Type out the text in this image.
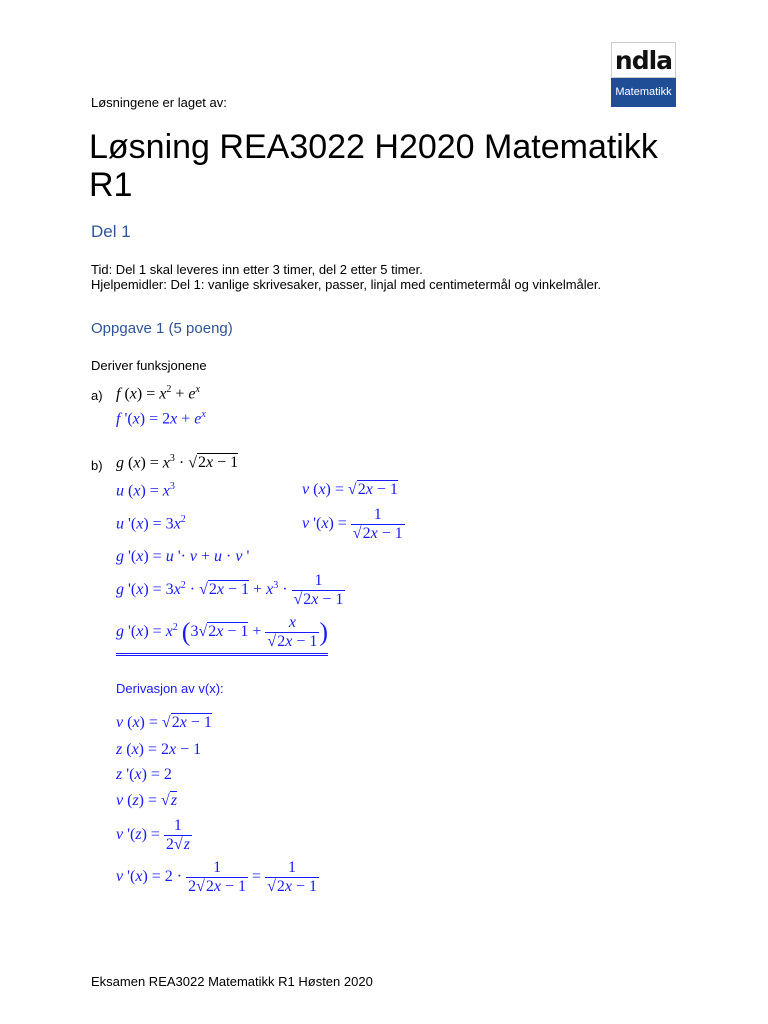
ndla
Matematikk
Løsningene er laget av:
Løsning REA3022 H2020 Matematikk R1
Del 1
Tid: Del 1 skal leveres inn etter 3 timer, del 2 etter 5 timer.
Hjelpemidler: Del 1: vanlige skrivesaker, passer, linjal med centimetermål og vinkelmåler.
Oppgave 1 (5 poeng)
Deriver funksjonene
a) f $(x) = x^2 + e^x$
f '$(x) = 2x + e^x$
b) g $(x) = x^3 \cdot √2x - 1$
u $(x) = x^3$	v (x) = √2x − 1
u '$(x) = 3x^2$	v '$(x) = \frac{1}{√2x - 1}$
g '(x) = u '· v + u · v '
g '$(x) = 3x^2 \cdot √2x - 1 + x^3 \cdot \frac{1}{√2x - 1}$
g '$(x) = x^2$ ($3√2x - 1 + \frac{x}{√2x - 1}$ )
Derivasjon av v(x):
v (x) = √2x − 1
z (x) = 2x − 1
z '(x) = 2
v (z) = √z
v '$(z) = \frac{1}{2√z}$
v '$(x) = 2 \cdot \frac{1}{2√2x - 1} = \frac{1}{√2x - 1}$
Eksamen REA3022 Matematikk R1 Høsten 2020
